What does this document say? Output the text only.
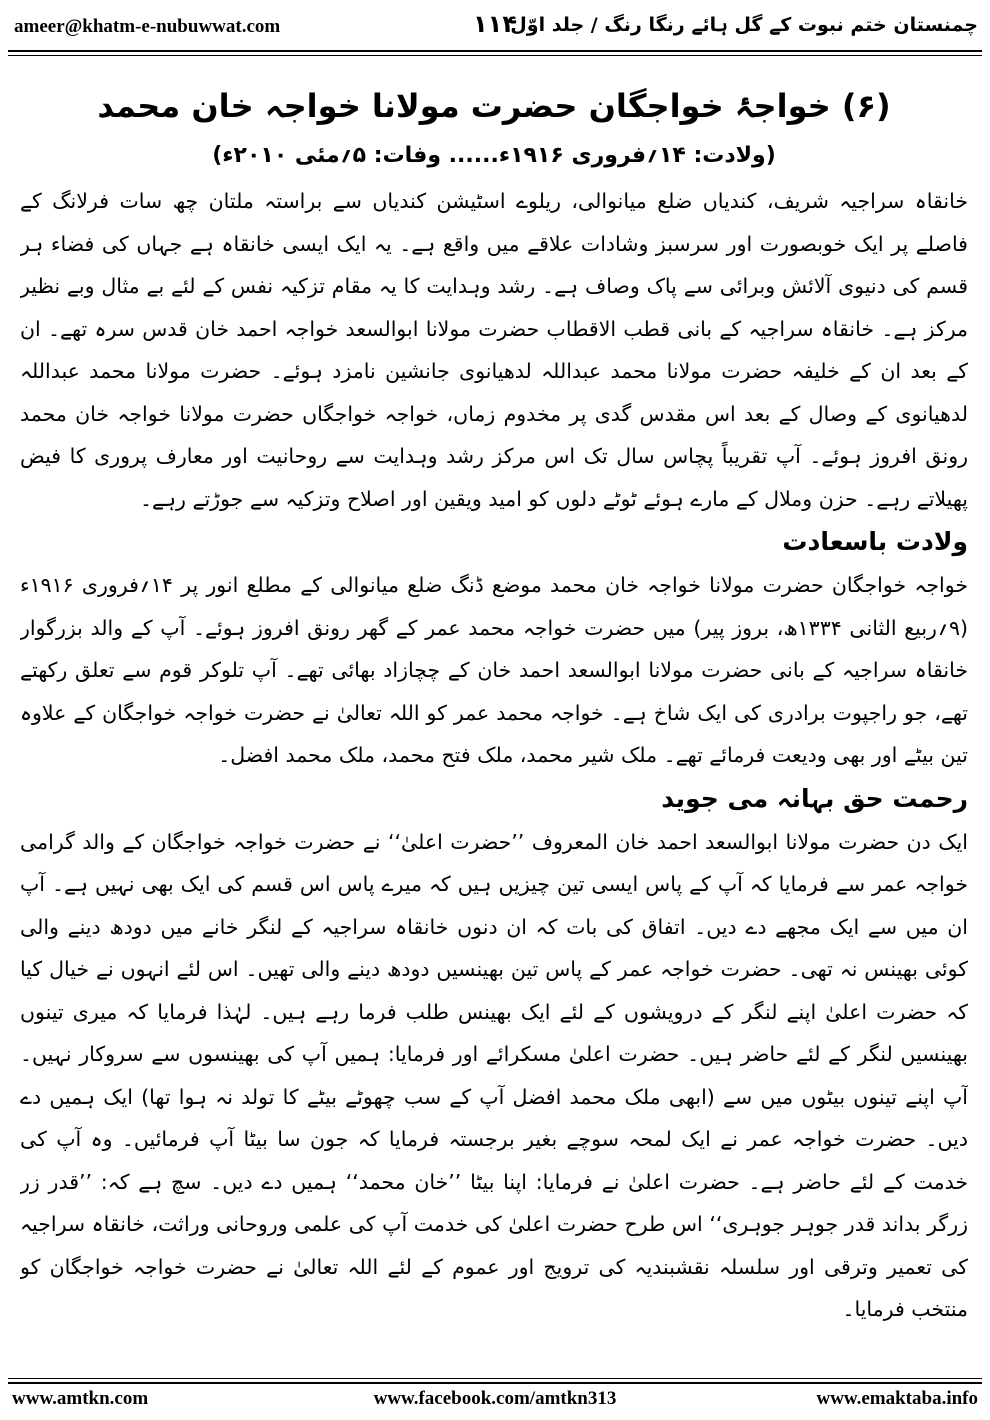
ameer@khatm-e-nubuwwat.com	۱۱۴
چمنستان ختم نبوت کے گل ہائے رنگا رنگ / جلد اوّل

(۶) خواجۂ خواجگان حضرت مولانا خواجہ خان محمد

(ولادت: ۱۴؍فروری ۱۹۱۶ء...... وفات: ۵؍مئی ۲۰۱۰ء)

خانقاہ سراجیہ شریف، کندیاں ضلع میانوالی، ریلوے اسٹیشن کندیاں سے براستہ ملتان چھ سات فرلانگ کے فاصلے پر ایک خوبصورت اور سرسبز وشادات علاقے میں واقع ہے۔ یہ ایک ایسی خانقاہ ہے جہاں کی فضاء ہر قسم کی دنیوی آلائش وبرائی سے پاک وصاف ہے۔ رشد وہدایت کا یہ مقام تزکیہ نفس کے لئے بے مثال وبے نظیر مرکز ہے۔ خانقاہ سراجیہ کے بانی قطب الاقطاب حضرت مولانا ابوالسعد خواجہ احمد خان قدس سرہ تھے۔ ان کے بعد ان کے خلیفہ حضرت مولانا محمد عبداللہ لدھیانوی جانشین نامزد ہوئے۔ حضرت مولانا محمد عبداللہ لدھیانوی کے وصال کے بعد اس مقدس گدی پر مخدوم زماں، خواجہ خواجگاں حضرت مولانا خواجہ خان محمد رونق افروز ہوئے۔ آپ تقریباً پچاس سال تک اس مرکز رشد وہدایت سے روحانیت اور معارف پروری کا فیض پھیلاتے رہے۔ حزن وملال کے مارے ہوئے ٹوٹے دلوں کو امید ویقین اور اصلاح وتزکیہ سے جوڑتے رہے۔

ولادت باسعادت

خواجہ خواجگان حضرت مولانا خواجہ خان محمد موضع ڈنگ ضلع میانوالی کے مطلع انور پر ۱۴؍فروری ۱۹۱۶ء (۹؍ربیع الثانی ۱۳۳۴ھ، بروز پیر) میں حضرت خواجہ محمد عمر کے گھر رونق افروز ہوئے۔ آپ کے والد بزرگوار خانقاہ سراجیہ کے بانی حضرت مولانا ابوالسعد احمد خان کے چچازاد بھائی تھے۔ آپ تلوکر قوم سے تعلق رکھتے تھے، جو راجپوت برادری کی ایک شاخ ہے۔ خواجہ محمد عمر کو اللہ تعالیٰ نے حضرت خواجہ خواجگان کے علاوہ تین بیٹے اور بھی ودیعت فرمائے تھے۔ ملک شیر محمد، ملک فتح محمد، ملک محمد افضل۔

رحمت حق بہانہ می جوید

ایک دن حضرت مولانا ابوالسعد احمد خان المعروف ’’حضرت اعلیٰ‘‘ نے حضرت خواجہ خواجگان کے والد گرامی خواجہ عمر سے فرمایا کہ آپ کے پاس ایسی تین چیزیں ہیں کہ میرے پاس اس قسم کی ایک بھی نہیں ہے۔ آپ ان میں سے ایک مجھے دے دیں۔ اتفاق کی بات کہ ان دنوں خانقاہ سراجیہ کے لنگر خانے میں دودھ دینے والی کوئی بھینس نہ تھی۔ حضرت خواجہ عمر کے پاس تین بھینسیں دودھ دینے والی تھیں۔ اس لئے انہوں نے خیال کیا کہ حضرت اعلیٰ اپنے لنگر کے درویشوں کے لئے ایک بھینس طلب فرما رہے ہیں۔ لہٰذا فرمایا کہ میری تینوں بھینسیں لنگر کے لئے حاضر ہیں۔ حضرت اعلیٰ مسکرائے اور فرمایا: ہمیں آپ کی بھینسوں سے سروکار نہیں۔ آپ اپنے تینوں بیٹوں میں سے (ابھی ملک محمد افضل آپ کے سب چھوٹے بیٹے کا تولد نہ ہوا تھا) ایک ہمیں دے دیں۔ حضرت خواجہ عمر نے ایک لمحہ سوچے بغیر برجستہ فرمایا کہ جون سا بیٹا آپ فرمائیں۔ وہ آپ کی خدمت کے لئے حاضر ہے۔ حضرت اعلیٰ نے فرمایا: اپنا بیٹا ’’خان محمد‘‘ ہمیں دے دیں۔ سچ ہے کہ: ’’قدر زر زرگر بداند قدر جوہر جوہری‘‘ اس طرح حضرت اعلیٰ کی خدمت آپ کی علمی وروحانی وراثت، خانقاہ سراجیہ کی تعمیر وترقی اور سلسلہ نقشبندیہ کی ترویج اور عموم کے لئے اللہ تعالیٰ نے حضرت خواجہ خواجگان کو منتخب فرمایا۔

www.facebook.com/amtkn313
www.amtkn.com	www.emaktaba.info
